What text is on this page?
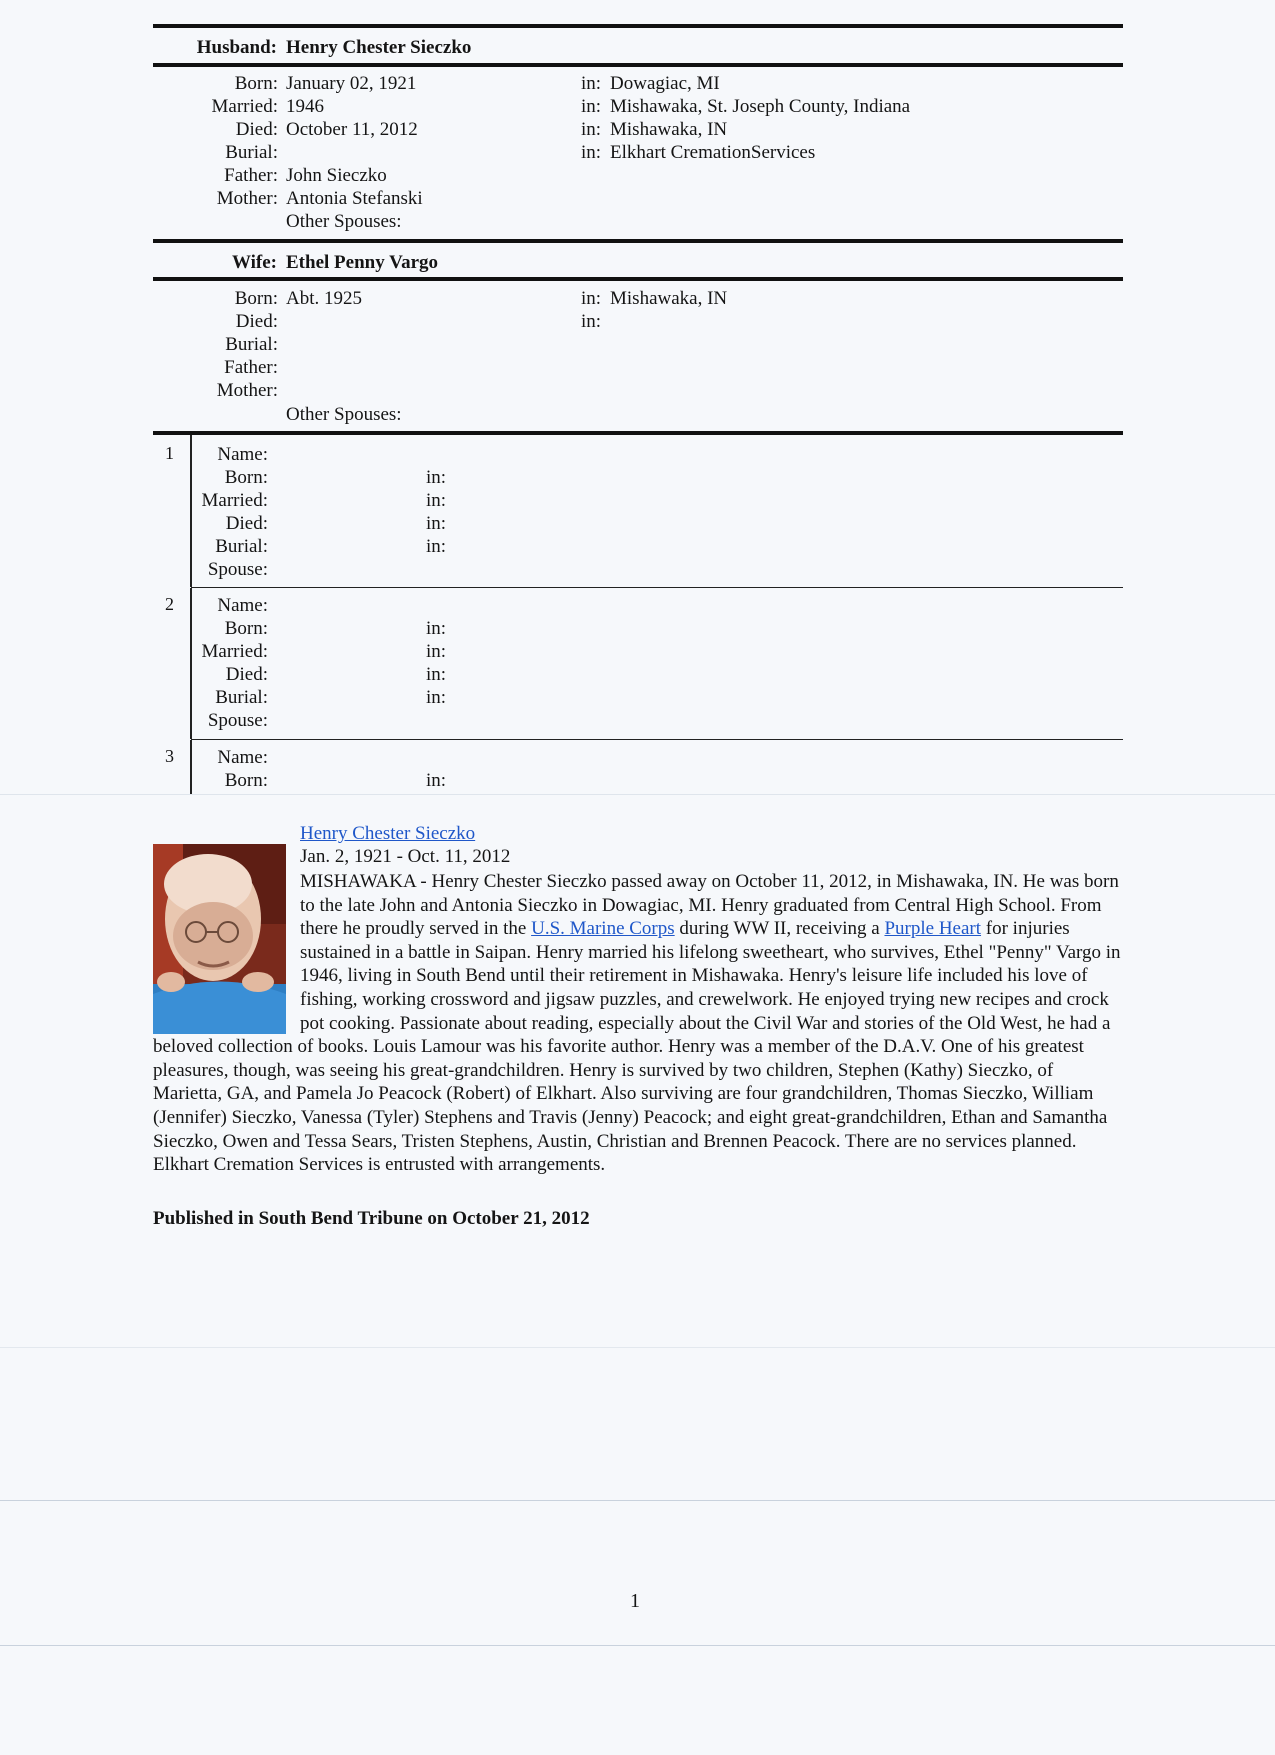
Husband: Henry Chester Sieczko
Born: January 02, 1921	in: Dowagiac, MI
Married: 1946	in: Mishawaka, St. Joseph County, Indiana
Died: October 11, 2012	in: Mishawaka, IN
Burial:	in: Elkhart CremationServices
Father: John Sieczko
Mother: Antonia Stefanski
Other Spouses:
Wife: Ethel Penny Vargo
Born: Abt. 1925	in: Mishawaka, IN
Died:	in:
Burial:
Father:
Mother:
Other Spouses:
1	Name:
Born:	in:
Married:	in:
Died:	in:
Burial:	in:
Spouse:
2	Name:
Born:	in:
Married:	in:
Died:	in:
Burial:	in:
Spouse:
3	Name:
Born:	in:
Henry Chester Sieczko
Jan. 2, 1921 - Oct. 11, 2012
MISHAWAKA - Henry Chester Sieczko passed away on October 11, 2012, in Mishawaka, IN. He was born to the late John and Antonia Sieczko in Dowagiac, MI. Henry graduated from Central High School. From there he proudly served in the U.S. Marine Corps during WW II, receiving a Purple Heart for injuries sustained in a battle in Saipan. Henry married his lifelong sweetheart, who survives, Ethel "Penny" Vargo in 1946, living in South Bend until their retirement in Mishawaka. Henry's leisure life included his love of fishing, working crossword and jigsaw puzzles, and crewelwork. He enjoyed trying new recipes and crock pot cooking. Passionate about reading, especially about the Civil War and stories of the Old West, he had a beloved collection of books. Louis Lamour was his favorite author. Henry was a member of the D.A.V. One of his greatest pleasures, though, was seeing his great-grandchildren. Henry is survived by two children, Stephen (Kathy) Sieczko, of Marietta, GA, and Pamela Jo Peacock (Robert) of Elkhart. Also surviving are four grandchildren, Thomas Sieczko, William (Jennifer) Sieczko, Vanessa (Tyler) Stephens and Travis (Jenny) Peacock; and eight great-grandchildren, Ethan and Samantha Sieczko, Owen and Tessa Sears, Tristen Stephens, Austin, Christian and Brennen Peacock. There are no services planned. Elkhart Cremation Services is entrusted with arrangements.
Published in South Bend Tribune on October 21, 2012
1
